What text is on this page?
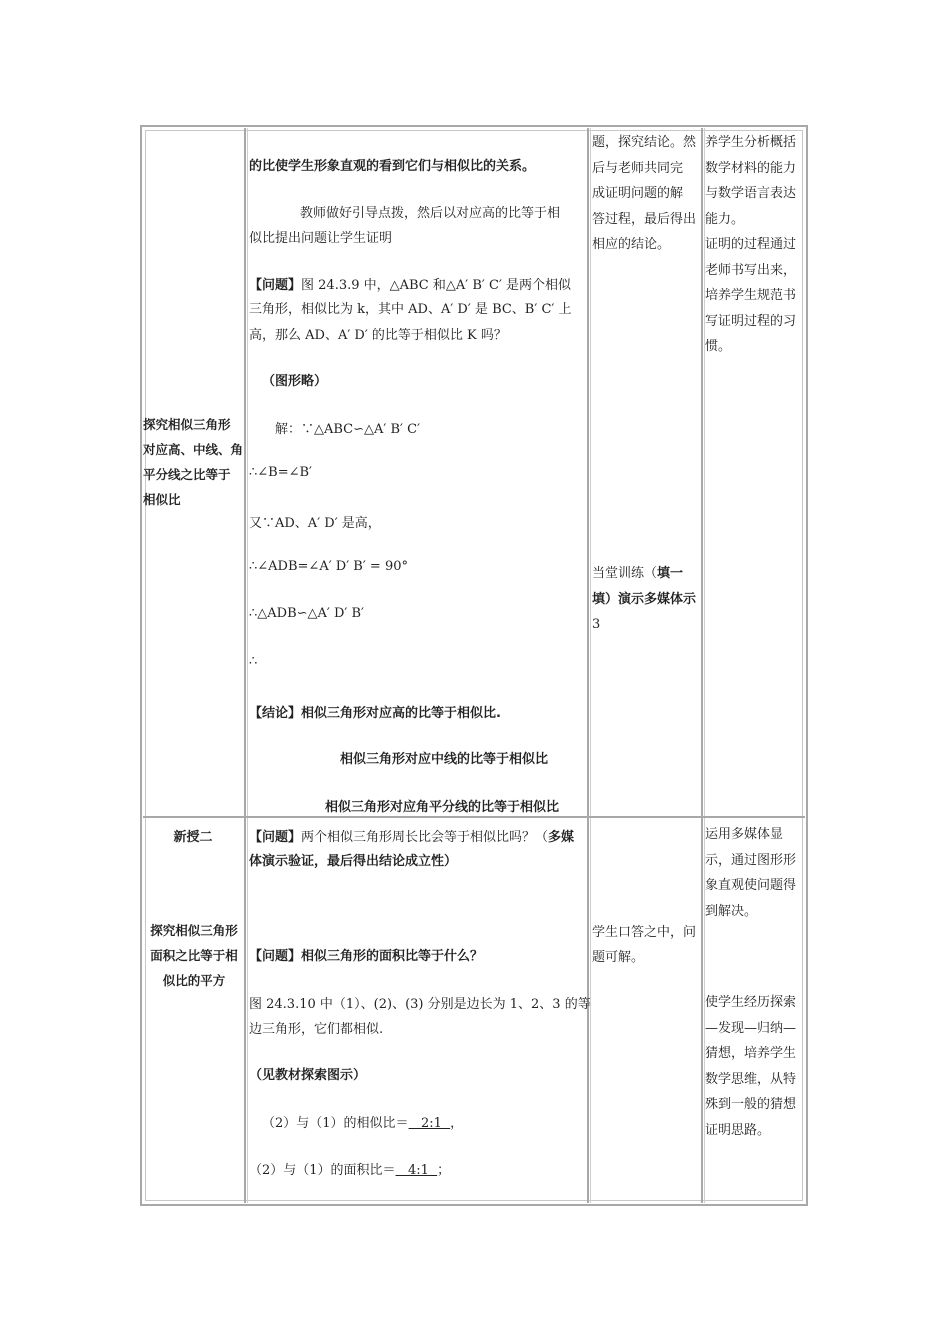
探究相似三角形
对应高、中线、角
平分线之比等于
相似比
的比使学生形象直观的看到它们与相似比的关系。
教师做好引导点拨，然后以对应高的比等于相
似比提出问题让学生证明
【问题】图 24.3.9 中，△ABC 和△A′ B′ C′ 是两个相似
三角形，相似比为 k，其中 AD、A′ D′ 是 BC、B′ C′ 上
高，那么 AD、A′ D′ 的比等于相似比 K 吗？
（图形略）
解：∵△ABC∽△A′ B′ C′
∴∠B=∠B′
又∵AD、A′ D′ 是高，
∴∠ADB=∠A′ D′ B′ = 90°
∴△ADB∽△A′ D′ B′
∴
【结论】相似三角形对应高的比等于相似比.
相似三角形对应中线的比等于相似比
相似三角形对应角平分线的比等于相似比
题，探究结论。然
后与老师共同完
成证明问题的解
答过程，最后得出
相应的结论。
当堂训练（填一
填）演示多媒体示
3
养学生分析概括
数学材料的能力
与数学语言表达
能力。
证明的过程通过
老师书写出来，
培养学生规范书
写证明过程的习
惯。
新授二
探究相似三角形
面积之比等于相
似比的平方
【问题】两个相似三角形周长比会等于相似比吗？（多媒
体演示验证，最后得出结论成立性）
【问题】相似三角形的面积比等于什么？
图 24.3.10 中（1）、(2)、(3) 分别是边长为 1、2、3 的等
边三角形，它们都相似.
（见教材探索图示）
（2）与（1）的相似比＝   2:1  ，
（2）与（1）的面积比＝   4:1  ；
学生口答之中，问
题可解。
运用多媒体显
示，通过图形形
象直观使问题得
到解决。
使学生经历探索
—发现—归纳—
猜想，培养学生
数学思维，从特
殊到一般的猜想
证明思路。
